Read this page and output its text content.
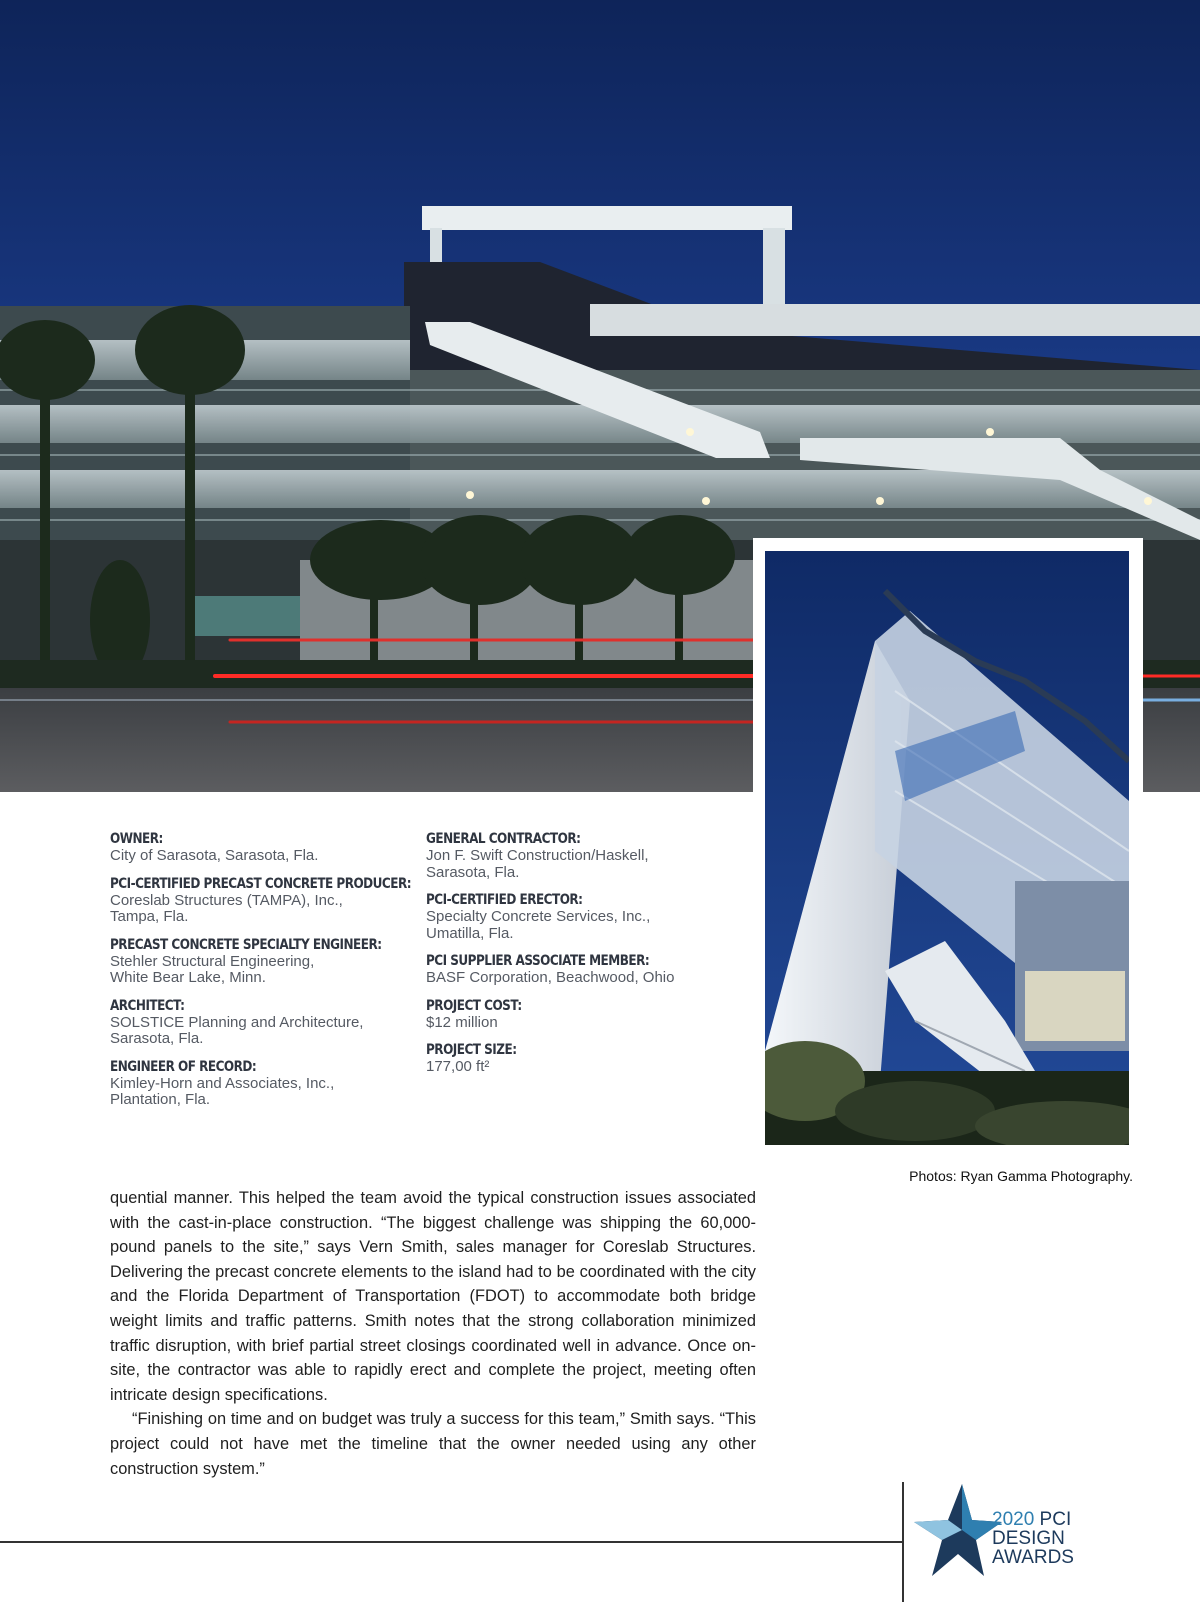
Photos: Ryan Gamma Photography.
OWNER:
City of Sarasota, Sarasota, Fla.
PCI-CERTIFIED PRECAST CONCRETE PRODUCER:
Coreslab Structures (TAMPA), Inc.,
Tampa, Fla.
PRECAST CONCRETE SPECIALTY ENGINEER:
Stehler Structural Engineering,
White Bear Lake, Minn.
ARCHITECT:
SOLSTICE Planning and Architecture,
Sarasota, Fla.
ENGINEER OF RECORD:
Kimley-Horn and Associates, Inc.,
Plantation, Fla.
GENERAL CONTRACTOR:
Jon F. Swift Construction/Haskell,
Sarasota, Fla.
PCI-CERTIFIED ERECTOR:
Specialty Concrete Services, Inc.,
Umatilla, Fla.
PCI SUPPLIER ASSOCIATE MEMBER:
BASF Corporation, Beachwood, Ohio
PROJECT COST:
$12 million
PROJECT SIZE:
177,00 ft²

quential manner. This helped the team avoid the typical construction issues associated with the cast-in-place construction. “The biggest challenge was shipping the 60,000-pound panels to the site,” says Vern Smith, sales manager for Coreslab Structures. Delivering the precast concrete elements to the island had to be coordinated with the city and the Florida Department of Transportation (FDOT) to accommodate both bridge weight limits and traffic patterns. Smith notes that the strong collaboration minimized traffic disruption, with brief partial street closings coordinated well in advance. Once on-site, the contractor was able to rapidly erect and complete the project, meeting often intricate design specifications.

“Finishing on time and on budget was truly a success for this team,” Smith says. “This project could not have met the timeline that the owner needed using any other construction system.”

2020 PCI
DESIGN
AWARDS
